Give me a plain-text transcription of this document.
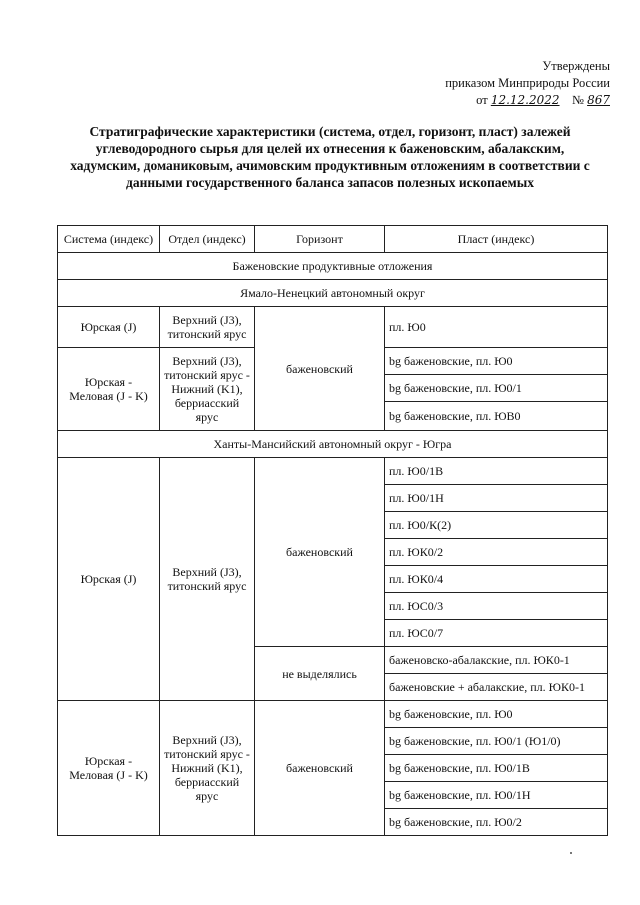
Утверждены
приказом Минприроды России
от 12.12.2022 № 867
Стратиграфические характеристики (система, отдел, горизонт, пласт) залежей углеводородного сырья для целей их отнесения к баженовским, абалакским, хадумским, доманиковым, ачимовским продуктивным отложениям в соответствии с данными государственного баланса запасов полезных ископаемых
Система (индекс)	Отдел (индекс)	Горизонт	Пласт (индекс)
Баженовские продуктивные отложения			
Ямало-Ненецкий автономный округ			
Юрская (J)	Верхний (J3), титонский ярус	баженовский	пл. Ю0
Юрская - Меловая (J - K)	Верхний (J3), титонский ярус - Нижний (K1), берриасский ярус		bg баженовские, пл. Ю0
			bg баженовские, пл. Ю0/1
			bg баженовские, пл. ЮВ0
Ханты-Мансийский автономный округ - Югра			
Юрская (J)	Верхний (J3), титонский ярус	баженовский	пл. Ю0/1В
			пл. Ю0/1Н
			пл. Ю0/К(2)
			пл. ЮК0/2
			пл. ЮК0/4
			пл. ЮС0/3
			пл. ЮС0/7
		не выделялись	баженовско-абалакские, пл. ЮК0-1
			баженовские + абалакские, пл. ЮК0-1
Юрская - Меловая (J - K)	Верхний (J3), титонский ярус - Нижний (K1), берриасский ярус	баженовский	bg баженовские, пл. Ю0
			bg баженовские, пл. Ю0/1 (Ю1/0)
			bg баженовские, пл. Ю0/1В
			bg баженовские, пл. Ю0/1Н
			bg баженовские, пл. Ю0/2
